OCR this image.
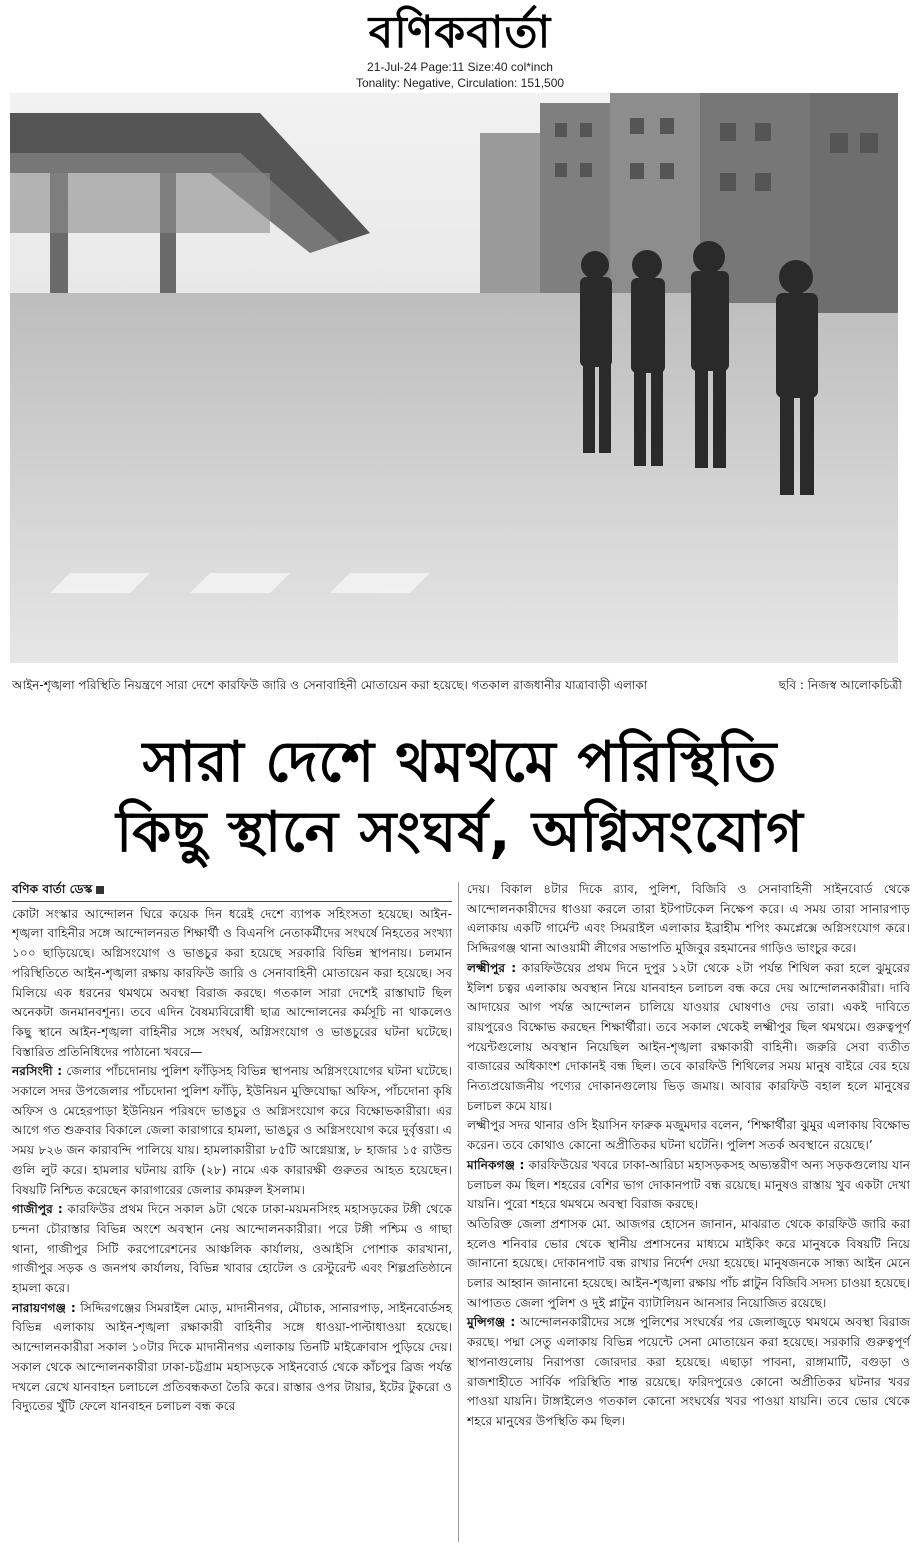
বণিকবার্তা
21-Jul-24 Page:11 Size:40 col*inch
Tonality: Negative, Circulation: 151,500
আইন-শৃঙ্খলা পরিস্থিতি নিয়ন্ত্রণে সারা দেশে কারফিউ জারি ও সেনাবাহিনী মোতায়েন করা হয়েছে। গতকাল রাজধানীর যাত্রাবাড়ী এলাকা	ছবি : নিজস্ব আলোকচিত্রী
সারা দেশে থমথমে পরিস্থিতি
কিছু স্থানে সংঘর্ষ, অগ্নিসংযোগ
বণিক বার্তা ডেস্ক

কোটা সংস্কার আন্দোলন ঘিরে কয়েক দিন ধরেই দেশে ব্যাপক সহিংসতা হয়েছে। আইন-শৃঙ্খলা বাহিনীর সঙ্গে আন্দোলনরত শিক্ষার্থী ও বিএনপি নেতাকর্মীদের সংঘর্ষে নিহতের সংখ্যা ১০০ ছাড়িয়েছে। অগ্নিসংযোগ ও ভাঙচুর করা হয়েছে সরকারি বিভিন্ন স্থাপনায়। চলমান পরিস্থিতিতে আইন-শৃঙ্খলা রক্ষায় কারফিউ জারি ও সেনাবাহিনী মোতায়েন করা হয়েছে। সব মিলিয়ে এক ধরনের থমথমে অবস্থা বিরাজ করছে। গতকাল সারা দেশেই রাস্তাঘাট ছিল অনেকটা জনমানবশূন্য। তবে এদিন বৈষম্যবিরোধী ছাত্র আন্দোলনের কর্মসূচি না থাকলেও কিছু স্থানে আইন-শৃঙ্খলা বাহিনীর সঙ্গে সংঘর্ষ, অগ্নিসংযোগ ও ভাঙচুরের ঘটনা ঘটেছে। বিস্তারিত প্রতিনিধিদের পাঠানো খবরে—

নরসিংদী : জেলার পাঁচদোনায় পুলিশ ফাঁড়িসহ বিভিন্ন স্থাপনায় অগ্নিসংযোগের ঘটনা ঘটেছে। সকালে সদর উপজেলার পাঁচদোনা পুলিশ ফাঁড়ি, ইউনিয়ন মুক্তিযোদ্ধা অফিস, পাঁচদোনা কৃষি অফিস ও মেহেরপাড়া ইউনিয়ন পরিষদে ভাঙচুর ও অগ্নিসংযোগ করে বিক্ষোভকারীরা। এর আগে গত শুক্রবার বিকালে জেলা কারাগারে হামলা, ভাঙচুর ও অগ্নিসংযোগ করে দুর্বৃত্তরা। এ সময় ৮২৬ জন কারাবন্দি পালিয়ে যায়। হামলাকারীরা ৮৫টি আগ্নেয়াস্ত্র, ৮ হাজার ১৫ রাউন্ড গুলি লুট করে। হামলার ঘটনায় রাফি (২৮) নামে এক কারারক্ষী গুরুতর আহত হয়েছেন। বিষয়টি নিশ্চিত করেছেন কারাগারের জেলার কামরুল ইসলাম।

গাজীপুর : কারফিউর প্রথম দিনে সকাল ৯টা থেকে ঢাকা-ময়মনসিংহ মহাসড়কের টঙ্গী থেকে চন্দনা চৌরাস্তার বিভিন্ন অংশে অবস্থান নেয় আন্দোলনকারীরা। পরে টঙ্গী পশ্চিম ও গাছা থানা, গাজীপুর সিটি করপোরেশনের আঞ্চলিক কার্যালয়, ওআইসি পোশাক কারখানা, গাজীপুর সড়ক ও জনপথ কার্যালয়, বিভিন্ন খাবার হোটেল ও রেস্টুরেন্ট এবং শিল্পপ্রতিষ্ঠানে হামলা করে।

নারায়ণগঞ্জ : সিদ্দিরগঞ্জের সিমরাইল মোড়, মাদানীনগর, মৌচাক, সানারপাড়, সাইনবোর্ডসহ বিভিন্ন এলাকায় আইন-শৃঙ্খলা রক্ষাকারী বাহিনীর সঙ্গে ধাওয়া-পাল্টাধাওয়া হয়েছে। আন্দোলনকারীরা সকাল ১০টার দিকে মাদানীনগর এলাকায় তিনটি মাইক্রোবাস পুড়িয়ে দেয়। সকাল থেকে আন্দোলনকারীরা ঢাকা-চট্টগ্রাম মহাসড়কে সাইনবোর্ড থেকে কাঁচপুর ব্রিজ পর্যন্ত দখলে রেখে যানবাহন চলাচলে প্রতিবন্ধকতা তৈরি করে। রাস্তার ওপর টায়ার, ইটের টুকরো ও বিদ্যুতের খুঁটি ফেলে যানবাহন চলাচল বন্ধ করে

দেয়। বিকাল ৪টার দিকে র‍্যাব, পুলিশ, বিজিবি ও সেনাবাহিনী সাইনবোর্ড থেকে আন্দোলনকারীদের ধাওয়া করলে তারা ইটপাটকেল নিক্ষেপ করে। এ সময় তারা সানারপাড় এলাকায় একটি গার্মেন্ট এবং সিমরাইল এলাকার ইব্রাহীম শপিং কমপ্লেক্সে অগ্নিসংযোগ করে। সিদ্দিরগঞ্জ থানা আওয়ামী লীগের সভাপতি মুজিবুর রহমানের গাড়িও ভাংচুর করে।

লক্ষ্মীপুর : কারফিউয়ের প্রথম দিনে দুপুর ১২টা থেকে ২টা পর্যন্ত শিথিল করা হলে ঝুমুরের ইলিশ চত্বর এলাকায় অবস্থান নিয়ে যানবাহন চলাচল বন্ধ করে দেয় আন্দোলনকারীরা। দাবি আদায়ের আগ পর্যন্ত আন্দোলন চালিয়ে যাওয়ার ঘোষণাও দেয় তারা। একই দাবিতে রায়পুরেও বিক্ষোভ করছেন শিক্ষার্থীরা। তবে সকাল থেকেই লক্ষ্মীপুর ছিল থমথমে। গুরুত্বপূর্ণ পয়েন্টগুলোয় অবস্থান নিয়েছিল আইন-শৃঙ্খলা রক্ষাকারী বাহিনী। জরুরি সেবা ব্যতীত বাজারের অধিকাংশ দোকানই বন্ধ ছিল। তবে কারফিউ শিথিলের সময় মানুষ বাইরে বের হয়ে নিত্যপ্রয়োজনীয় পণ্যের দোকানগুলোয় ভিড় জমায়। আবার কারফিউ বহাল হলে মানুষের চলাচল কমে যায়।

লক্ষ্মীপুর সদর থানার ওসি ইয়াসিন ফারুক মজুমদার বলেন, ‘শিক্ষার্থীরা ঝুমুর এলাকায় বিক্ষোভ করেন। তবে কোথাও কোনো অপ্রীতিকর ঘটনা ঘটেনি। পুলিশ সতর্ক অবস্থানে রয়েছে।’

মানিকগঞ্জ : কারফিউয়ের খবরে ঢাকা-আরিচা মহাসড়কসহ অভ্যন্তরীণ অন্য সড়কগুলোয় যান চলাচল কম ছিল। শহরের বেশির ভাগ দোকানপাট বন্ধ রয়েছে। মানুষও রাস্তায় খুব একটা দেখা যায়নি। পুরো শহরে থমথমে অবস্থা বিরাজ করছে।

অতিরিক্ত জেলা প্রশাসক মো. আজগর হোসেন জানান, মাঝরাত থেকে কারফিউ জারি করা হলেও শনিবার ভোর থেকে স্থানীয় প্রশাসনের মাধ্যমে মাইকিং করে মানুষকে বিষয়টি নিয়ে জানানো হয়েছে। দোকানপাট বন্ধ রাখার নির্দেশ দেয়া হয়েছে। মানুষজনকে সান্ধ্য আইন মেনে চলার আহ্বান জানানো হয়েছে। আইন-শৃঙ্খলা রক্ষায় পাঁচ প্লাটুন বিজিবি সদস্য চাওয়া হয়েছে। আপাতত জেলা পুলিশ ও দুই প্লাটুন ব্যাটালিয়ন আনসার নিয়োজিত রয়েছে।

মুন্সিগঞ্জ : আন্দোলনকারীদের সঙ্গে পুলিশের সংঘর্ষের পর জেলাজুড়ে থমথমে অবস্থা বিরাজ করছে। পদ্মা সেতু এলাকায় বিভিন্ন পয়েন্টে সেনা মোতায়েন করা হয়েছে। সরকারি গুরুত্বপূর্ণ স্থাপনাগুলোয় নিরাপত্তা জোরদার করা হয়েছে। এছাড়া পাবনা, রাঙ্গামাটি, বগুড়া ও রাজশাহীতে সার্বিক পরিস্থিতি শান্ত রয়েছে। ফরিদপুরেও কোনো অপ্রীতিকর ঘটনার খবর পাওয়া যায়নি। টাঙ্গাইলেও গতকাল কোনো সংঘর্ষের খবর পাওয়া যায়নি। তবে ভোর থেকে শহরে মানুষের উপস্থিতি কম ছিল।
